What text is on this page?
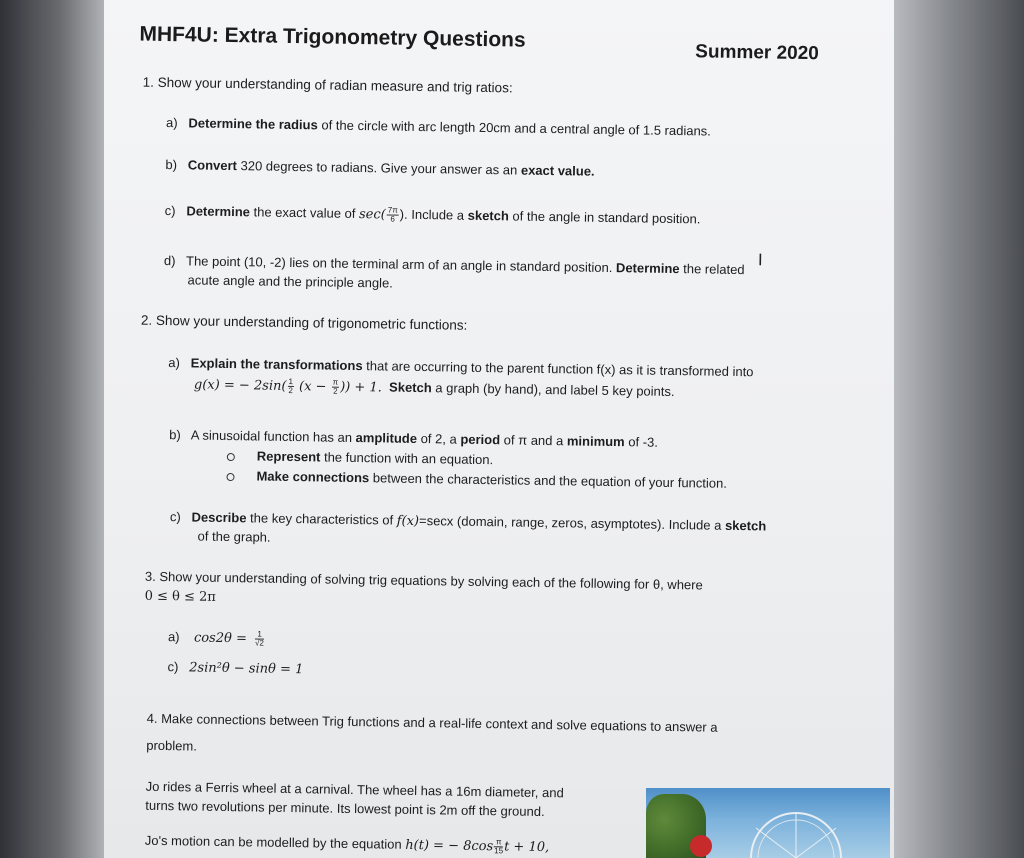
MHF4U: Extra Trigonometry Questions
Summer 2020
1. Show your understanding of radian measure and trig ratios:
a) Determine the radius of the circle with arc length 20cm and a central angle of 1.5 radians.
b) Convert 320 degrees to radians. Give your answer as an exact value.
c) Determine the exact value of $\sec( \frac{7\pi}{6}$ ). Include a sketch of the angle in standard position.
I
d) The point (10, -2) lies on the terminal arm of an angle in standard position. Determine the related
acute angle and the principle angle.
2. Show your understanding of trigonometric functions:
a) Explain the transformations that are occurring to the parent function f(x) as it is transformed into
g(x) = − $2\sin( \frac{1}{2} (x - \frac{\pi}{2}$ )) + 1. Sketch a graph (by hand), and label 5 key points.
b) A sinusoidal function has an amplitude of 2, a period of π and a minimum of -3.
Represent the function with an equation.
Make connections between the characteristics and the equation of your function.
c) Describe the key characteristics of f(x)=secx (domain, range, zeros, asymptotes). Include a sketch
of the graph.
3. Show your understanding of solving trig equations by solving each of the following for θ, where
0 ≤ θ ≤ 2π
a) $\cos 2\theta = \frac{1}{√2}$
c) 2sin²θ − sinθ = 1
4. Make connections between Trig functions and a real-life context and solve equations to answer a
problem.
Jo rides a Ferris wheel at a carnival. The wheel has a 16m diameter, and
turns two revolutions per minute. Its lowest point is 2m off the ground.
Jo's motion can be modelled by the equation h(t) = − $8\cos \frac{\pi}{15}$ t + 10,
